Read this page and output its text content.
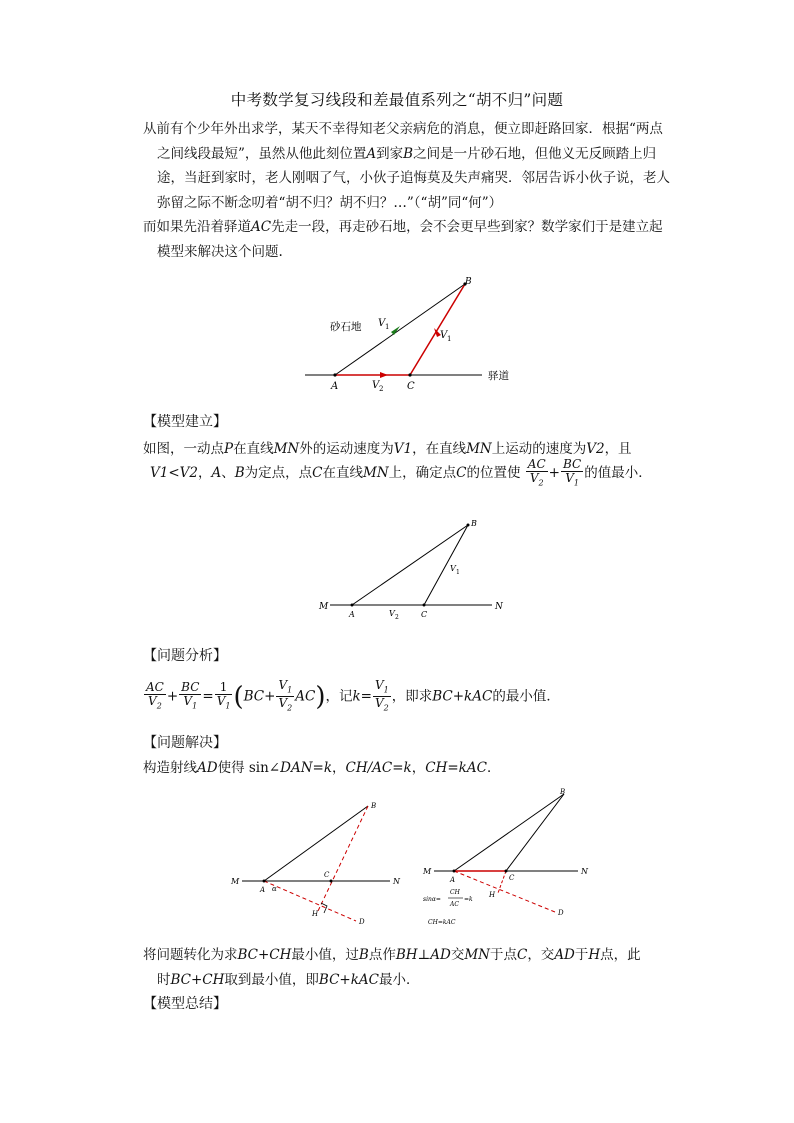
中考数学复习线段和差最值系列之“胡不归”问题
从前有个少年外出求学，某天不幸得知老父亲病危的消息，便立即赶路回家．根据“两点
之间线段最短”，虽然从他此刻位置A到家B之间是一片砂石地，但他义无反顾踏上归
途，当赶到家时，老人刚咽了气，小伙子追悔莫及失声痛哭．邻居告诉小伙子说，老人
弥留之际不断念叨着“胡不归？胡不归？…”（“胡”同“何”）
而如果先沿着驿道AC先走一段，再走砂石地，会不会更早些到家？数学家们于是建立起
模型来解决这个问题.
A	C
B
V 1
V 1
V 2
砂石地
驿道
【模型建立】
如图，一动点P在直线MN外的运动速度为V1，在直线MN上运动的速度为V2，且
V1<V2，A、B为定点，点C在直线MN上，确定点C的位置使 $\frac{AC}{V_2} + \frac{BC}{V_1}$ 的值最小．
M	N
A	C
B
V 1
V 2
【问题分析】
$\frac{AC}{V_2} + \frac{BC}{V_1} = \frac{1}{V_1} (BC+ \frac{V_1}{V_2} AC)$，记$k= \frac{V_1}{V_2}$ ，即求BC+kAC的最小值．
【问题解决】
构造射线AD使得 sin∠DAN=k，CH/AC=k，CH=kAC．
M	N
A α
C
B
H
D
M	N
A	C
B
H
D
sinα=
CH
AC
=k
CH=kAC
将问题转化为求BC+CH最小值，过B点作BH⊥AD交MN于点C，交AD于H点，此
时BC+CH取到最小值，即BC+kAC最小．
【模型总结】
